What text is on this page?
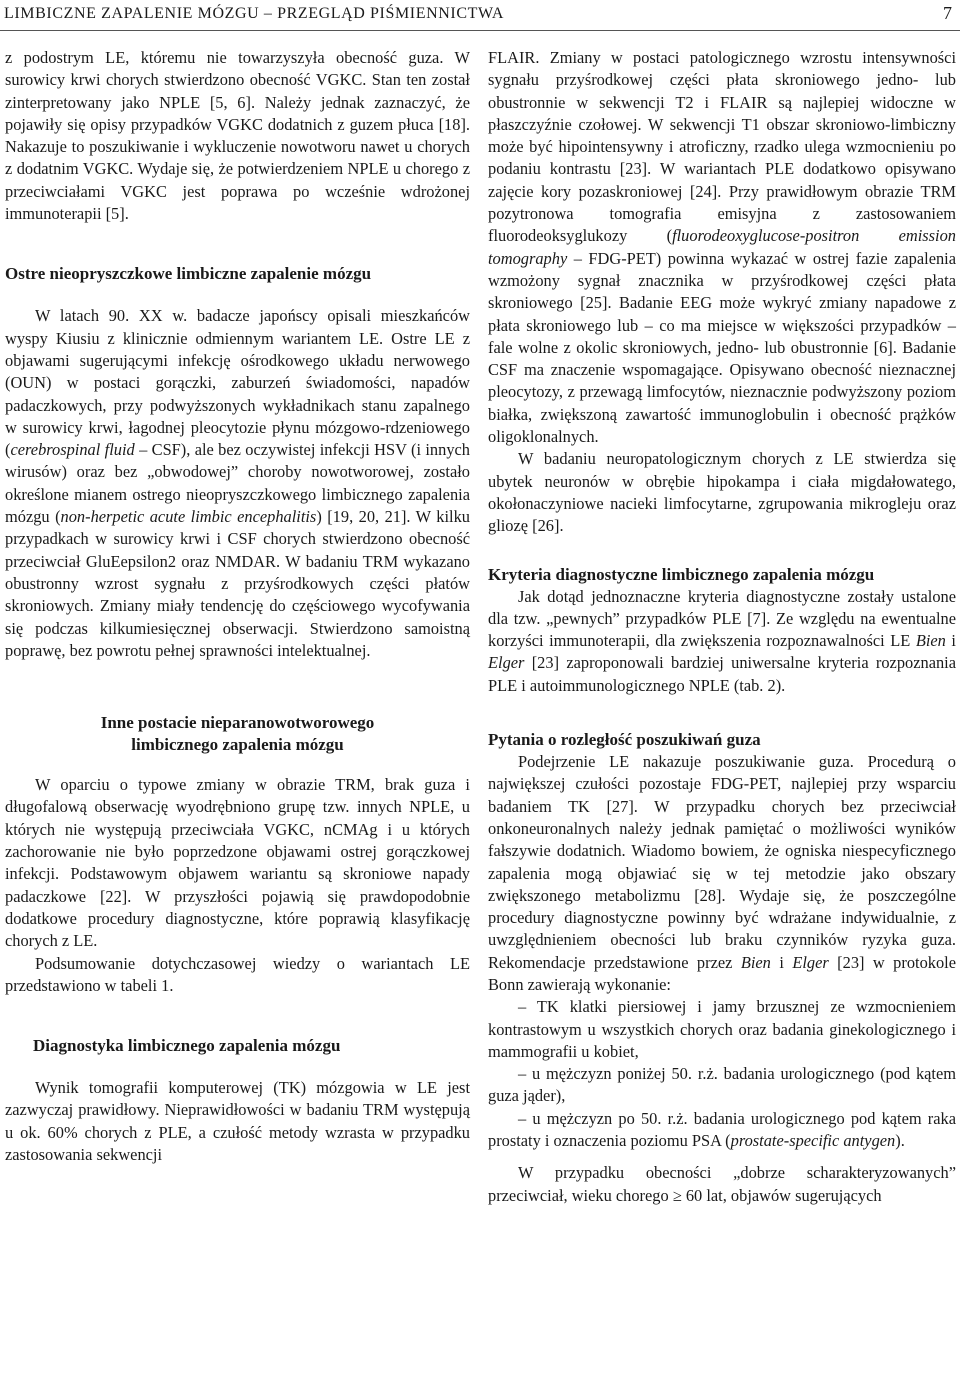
LIMBICZNE ZAPALENIE MÓZGU – PRZEGLĄD PIŚMIENNICTWA	7

z podostrym LE, któremu nie towarzyszyła obecność guza. W surowicy krwi chorych stwierdzono obecność VGKC. Stan ten został zinterpretowany jako NPLE [5, 6]. Należy jednak zaznaczyć, że pojawiły się opisy przypadków VGKC dodatnich z guzem płuca [18]. Nakazuje to poszukiwanie i wykluczenie nowotworu nawet u chorych z dodatnim VGKC. Wydaje się, że potwierdzeniem NPLE u chorego z przeciwciałami VGKC jest poprawa po wcześnie wdrożonej immunoterapii [5].

Ostre nieopryszczkowe limbiczne zapalenie mózgu

W latach 90. XX w. badacze japońscy opisali mieszkańców wyspy Kiusiu z klinicznie odmiennym wariantem LE. Ostre LE z objawami sugerującymi infekcję ośrodkowego układu nerwowego (OUN) w postaci gorączki, zaburzeń świadomości, napadów padaczkowych, przy podwyższonych wykładnikach stanu zapalnego w surowicy krwi, łagodnej pleocytozie płynu mózgowo-rdzeniowego (cerebrospinal fluid – CSF), ale bez oczywistej infekcji HSV (i innych wirusów) oraz bez „obwodowej” choroby nowotworowej, zostało określone mianem ostrego nieopryszczkowego limbicznego zapalenia mózgu (non-herpetic acute limbic encephalitis) [19, 20, 21]. W kilku przypadkach w surowicy krwi i CSF chorych stwierdzono obecność przeciwciał GluEepsilon2 oraz NMDAR. W badaniu TRM wykazano obustronny wzrost sygnału z przyśrodkowych części płatów skroniowych. Zmiany miały tendencję do częściowego wycofywania się podczas kilkumiesięcznej obserwacji. Stwierdzono samoistną poprawę, bez powrotu pełnej sprawności intelektualnej.

Inne postacie nieparanowotworowego
limbicznego zapalenia mózgu

W oparciu o typowe zmiany w obrazie TRM, brak guza i długofalową obserwację wyodrębniono grupę tzw. innych NPLE, u których nie występują przeciwciała VGKC, nCMAg i u których zachorowanie nie było poprzedzone objawami ostrej gorączkowej infekcji. Podstawowym objawem wariantu są skroniowe napady padaczkowe [22]. W przyszłości pojawią się prawdopodobnie dodatkowe procedury diagnostyczne, które poprawią klasyfikację chorych z LE.

Podsumowanie dotychczasowej wiedzy o wariantach LE przedstawiono w tabeli 1.

Diagnostyka limbicznego zapalenia mózgu

Wynik tomografii komputerowej (TK) mózgowia w LE jest zazwyczaj prawidłowy. Nieprawidłowości w badaniu TRM występują u ok. 60% chorych z PLE, a czułość metody wzrasta w przypadku zastosowania sekwencji

FLAIR. Zmiany w postaci patologicznego wzrostu intensywności sygnału przyśrodkowej części płata skroniowego jedno- lub obustronnie w sekwencji T2 i FLAIR są najlepiej widoczne w płaszczyźnie czołowej. W sekwencji T1 obszar skroniowo-limbiczny może być hipointensywny i atroficzny, rzadko ulega wzmocnieniu po podaniu kontrastu [23]. W wariantach PLE dodatkowo opisywano zajęcie kory pozaskroniowej [24]. Przy prawidłowym obrazie TRM pozytronowa tomografia emisyjna z zastosowaniem fluorodeoksyglukozy (fluorodeoxyglucose-positron emission tomography – FDG-PET) powinna wykazać w ostrej fazie zapalenia wzmożony sygnał znacznika w przyśrodkowej części płata skroniowego [25]. Badanie EEG może wykryć zmiany napadowe z płata skroniowego lub – co ma miejsce w większości przypadków – fale wolne z okolic skroniowych, jedno- lub obustronnie [6]. Badanie CSF ma znaczenie wspomagające. Opisywano obecność nieznacznej pleocytozy, z przewagą limfocytów, nieznacznie podwyższony poziom białka, zwiększoną zawartość immunoglobulin i obecność prążków oligoklonalnych.

W badaniu neuropatologicznym chorych z LE stwierdza się ubytek neuronów w obrębie hipokampa i ciała migdałowatego, okołonaczyniowe nacieki limfocytarne, zgrupowania mikrogleju oraz gliozę [26].

Kryteria diagnostyczne limbicznego zapalenia mózgu

Jak dotąd jednoznaczne kryteria diagnostyczne zostały ustalone dla tzw. „pewnych” przypadków PLE [7]. Ze względu na ewentualne korzyści immunoterapii, dla zwiększenia rozpoznawalności LE Bien i Elger [23] zaproponowali bardziej uniwersalne kryteria rozpoznania PLE i autoimmunologicznego NPLE (tab. 2).

Pytania o rozległość poszukiwań guza

Podejrzenie LE nakazuje poszukiwanie guza. Procedurą o największej czułości pozostaje FDG-PET, najlepiej przy wsparciu badaniem TK [27]. W przypadku chorych bez przeciwciał onkoneuronalnych należy jednak pamiętać o możliwości wyników fałszywie dodatnich. Wiadomo bowiem, że ogniska niespecyficznego zapalenia mogą objawiać się w tej metodzie jako obszary zwiększonego metabolizmu [28]. Wydaje się, że poszczególne procedury diagnostyczne powinny być wdrażane indywidualnie, z uwzględnieniem obecności lub braku czynników ryzyka guza. Rekomendacje przedstawione przez Bien i Elger [23] w protokole Bonn zawierają wykonanie:

– TK klatki piersiowej i jamy brzusznej ze wzmocnieniem kontrastowym u wszystkich chorych oraz badania ginekologicznego i mammografii u kobiet,
– u mężczyzn poniżej 50. r.ż. badania urologicznego (pod kątem guza jąder),
– u mężczyzn po 50. r.ż. badania urologicznego pod kątem raka prostaty i oznaczenia poziomu PSA (prostate-specific antygen).

W przypadku obecności „dobrze scharakteryzowanych” przeciwciał, wieku chorego ≥ 60 lat, objawów sugerujących
